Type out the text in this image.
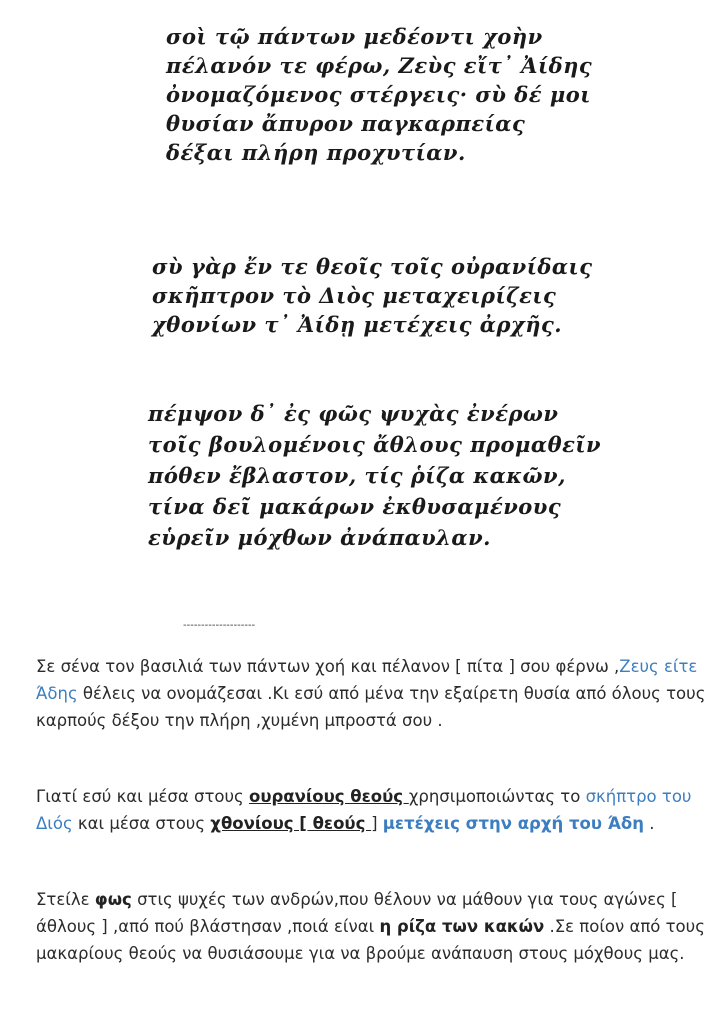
σοὶ τῷ πάντων μεδέοντι χοὴν
πέλανόν τε φέρω, Ζεὺς εἴτ᾽ Ἀίδης
ὀνομαζόμενος στέργεις· σὺ δέ μοι
θυσίαν ἄπυρον παγκαρπείας
δέξαι πλήρη προχυτίαν.
σὺ γὰρ ἔν τε θεοῖς τοῖς οὐρανίδαις
σκῆπτρον τὸ Διὸς μεταχειρίζεις
χθονίων τ᾽ Ἀίδῃ μετέχεις ἀρχῆς.
πέμψον δ᾽ ἐς φῶς ψυχὰς ἐνέρων
τοῖς βουλομένοις ἄθλους προμαθεῖν
πόθεν ἔβλαστον, τίς ῥίζα κακῶν,
τίνα δεῖ μακάρων ἐκθυσαμένους
εὑρεῖν μόχθων ἀνάπαυλαν.
--------------------

Σε σένα τον βασιλιά των πάντων χοή και πέλανον [ πίτα ] σου φέρνω ,Ζευς είτε Άδης θέλεις να ονομάζεσαι .Κι εσύ από μένα την εξαίρετη θυσία από όλους τους καρπούς δέξου την πλήρη ,χυμένη μπροστά σου .

Γιατί εσύ και μέσα στους ουρανίους θεούς χρησιμοποιώντας το σκήπτρο του Διός και μέσα στους χθονίους [ θεούς ] μετέχεις στην αρχή του Άδη .

Στείλε φως στις ψυχές των ανδρών,που θέλουν να μάθουν για τους αγώνες [ άθλους ] ,από πού βλάστησαν ,ποιά είναι η ρίζα των κακών .Σε ποίον από τους μακαρίους θεούς να θυσιάσουμε για να βρούμε ανάπαυση στους μόχθους μας.
